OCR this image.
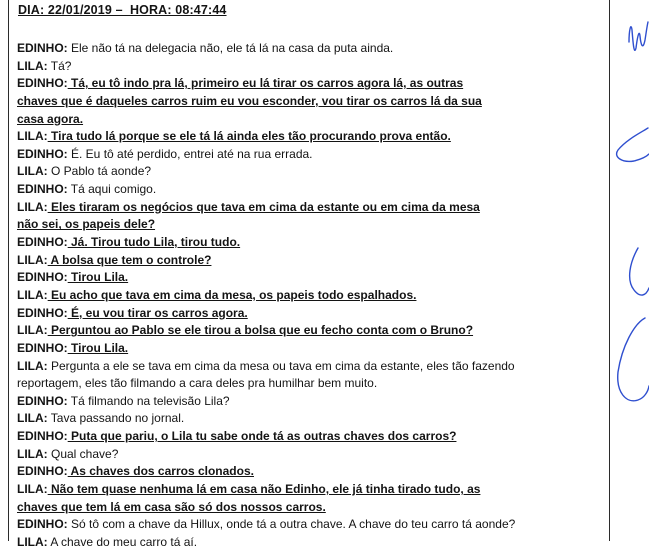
DIA: 22/01/2019 –  HORA: 08:47:44
EDINHO: Ele não tá na delegacia não, ele tá lá na casa da puta ainda.
LILA: Tá?
EDINHO: Tá, eu tô indo pra lá, primeiro eu lá tirar os carros agora lá, as outras
chaves que é daqueles carros ruim eu vou esconder, vou tirar os carros lá da sua
casa agora.
LILA: Tira tudo lá porque se ele tá lá ainda eles tão procurando prova então.
EDINHO: É. Eu tô até perdido, entrei até na rua errada.
LILA: O Pablo tá aonde?
EDINHO: Tá aqui comigo.
LILA: Eles tiraram os negócios que tava em cima da estante ou em cima da mesa
não sei, os papeis dele?
EDINHO: Já. Tirou tudo Lila, tirou tudo.
LILA: A bolsa que tem o controle?
EDINHO: Tirou Lila.
LILA: Eu acho que tava em cima da mesa, os papeis todo espalhados.
EDINHO: É, eu vou tirar os carros agora.
LILA: Perguntou ao Pablo se ele tirou a bolsa que eu fecho conta com o Bruno?
EDINHO: Tirou Lila.
LILA: Pergunta a ele se tava em cima da mesa ou tava em cima da estante, eles tão fazendo
reportagem, eles tão filmando a cara deles pra humilhar bem muito.
EDINHO: Tá filmando na televisão Lila?
LILA: Tava passando no jornal.
EDINHO: Puta que pariu, o Lila tu sabe onde tá as outras chaves dos carros?
LILA: Qual chave?
EDINHO: As chaves dos carros clonados.
LILA: Não tem quase nenhuma lá em casa não Edinho, ele já tinha tirado tudo, as
chaves que tem lá em casa são só dos nossos carros.
EDINHO: Só tô com a chave da Hillux, onde tá a outra chave. A chave do teu carro tá aonde?
LILA: A chave do meu carro tá aí.
